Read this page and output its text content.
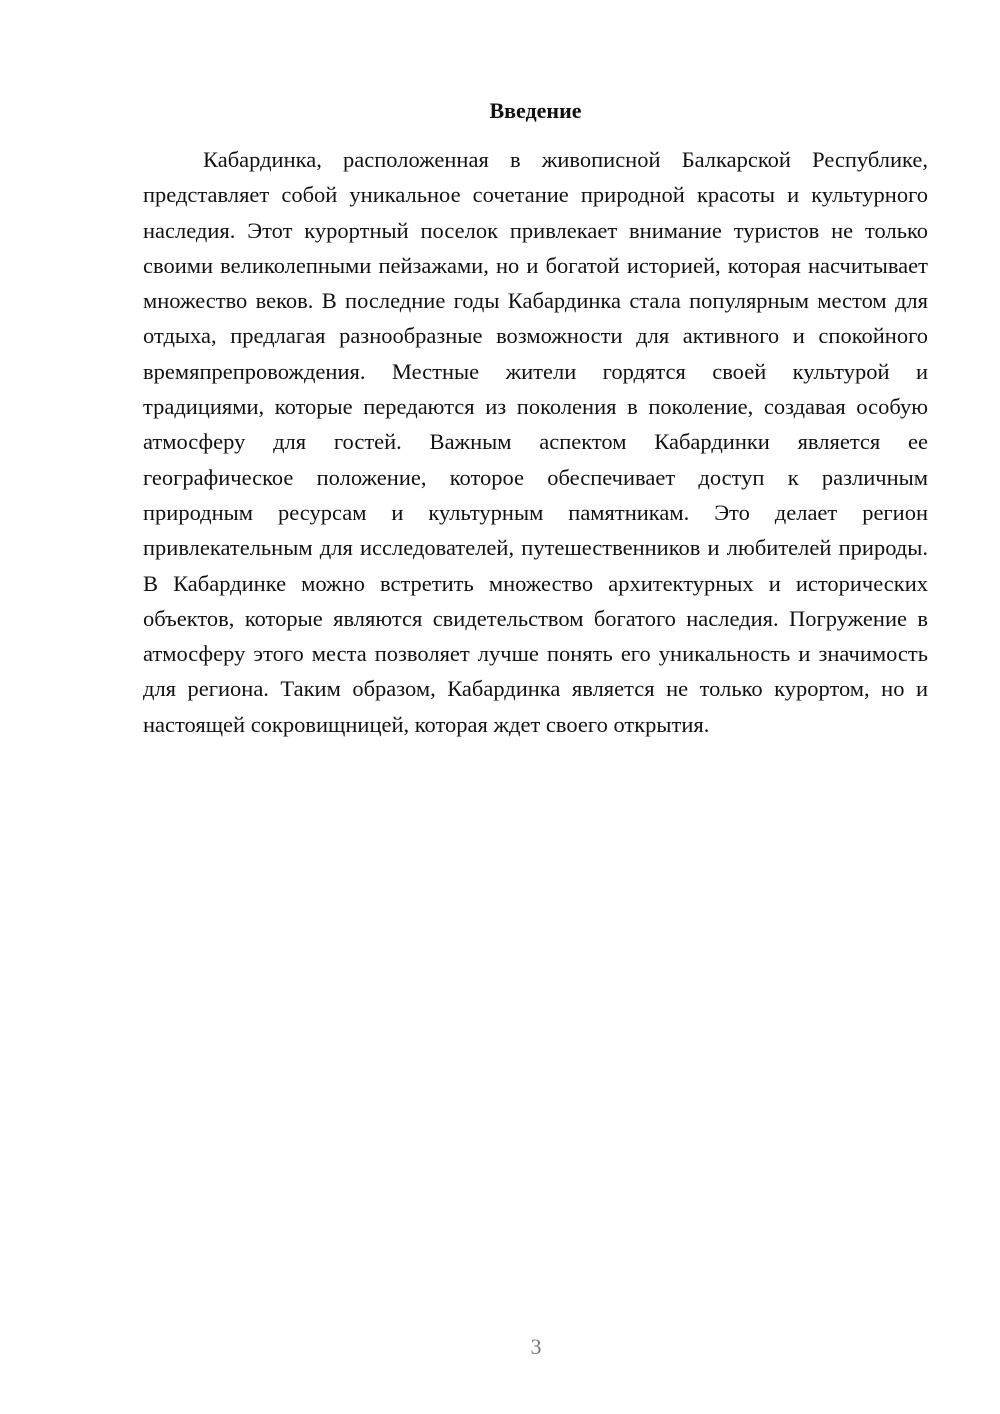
Введение

Кабардинка, расположенная в живописной Балкарской Республике, представляет собой уникальное сочетание природной красоты и культурного наследия. Этот курортный поселок привлекает внимание туристов не только своими великолепными пейзажами, но и богатой историей, которая насчитывает множество веков. В последние годы Кабардинка стала популярным местом для отдыха, предлагая разнообразные возможности для активного и спокойного времяпрепровождения. Местные жители гордятся своей культурой и традициями, которые передаются из поколения в поколение, создавая особую атмосферу для гостей. Важным аспектом Кабардинки является ее географическое положение, которое обеспечивает доступ к различным природным ресурсам и культурным памятникам. Это делает регион привлекательным для исследователей, путешественников и любителей природы. В Кабардинке можно встретить множество архитектурных и исторических объектов, которые являются свидетельством богатого наследия. Погружение в атмосферу этого места позволяет лучше понять его уникальность и значимость для региона. Таким образом, Кабардинка является не только курортом, но и настоящей сокровищницей, которая ждет своего открытия.

3
